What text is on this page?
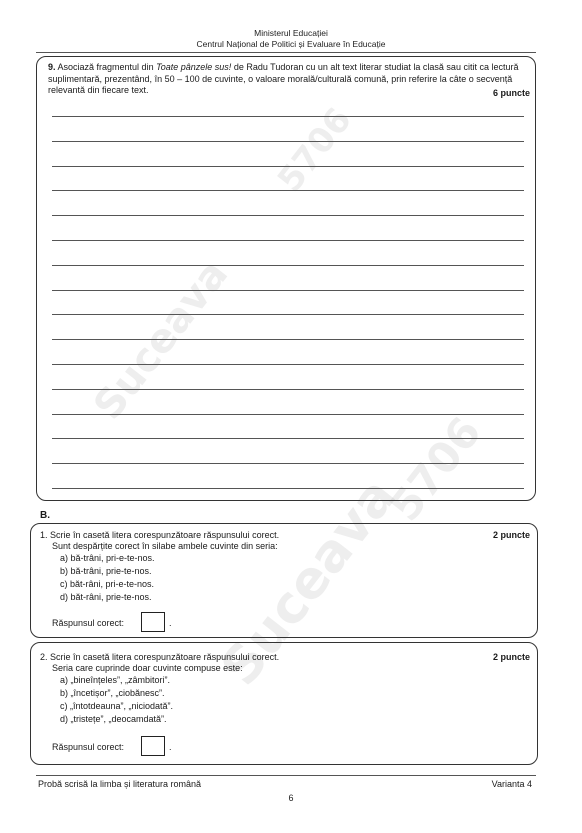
Suceava
5706
5706
Suceava
Ministerul Educației
Centrul Național de Politici și Evaluare în Educație
9. Asociază fragmentul din Toate pânzele sus! de Radu Tudoran cu un alt text literar studiat la clasă sau citit ca lectură suplimentară, prezentând, în 50 – 100 de cuvinte, o valoare morală/culturală comună, prin referire la câte o secvență relevantă din fiecare text.	6 puncte
B.
1. Scrie în casetă litera corespunzătoare răspunsului corect.	2 puncte
Sunt despărțite corect în silabe ambele cuvinte din seria:
a) bă-trâni, pri-e-te-nos.
b) bă-trâni, prie-te-nos.
c) băt-râni, pri-e-te-nos.
d) băt-râni, prie-te-nos.
Răspunsul corect:	.
2. Scrie în casetă litera corespunzătoare răspunsului corect.	2 puncte
Seria care cuprinde doar cuvinte compuse este:
a) „bineînțeles”, „zâmbitori”.
b) „încetișor”, „ciobănesc”.
c) „întotdeauna”, „niciodată”.
d) „tristețe”, „deocamdată”.
Răspunsul corect:	.
Probă scrisă la limba și literatura română	Varianta 4
6
